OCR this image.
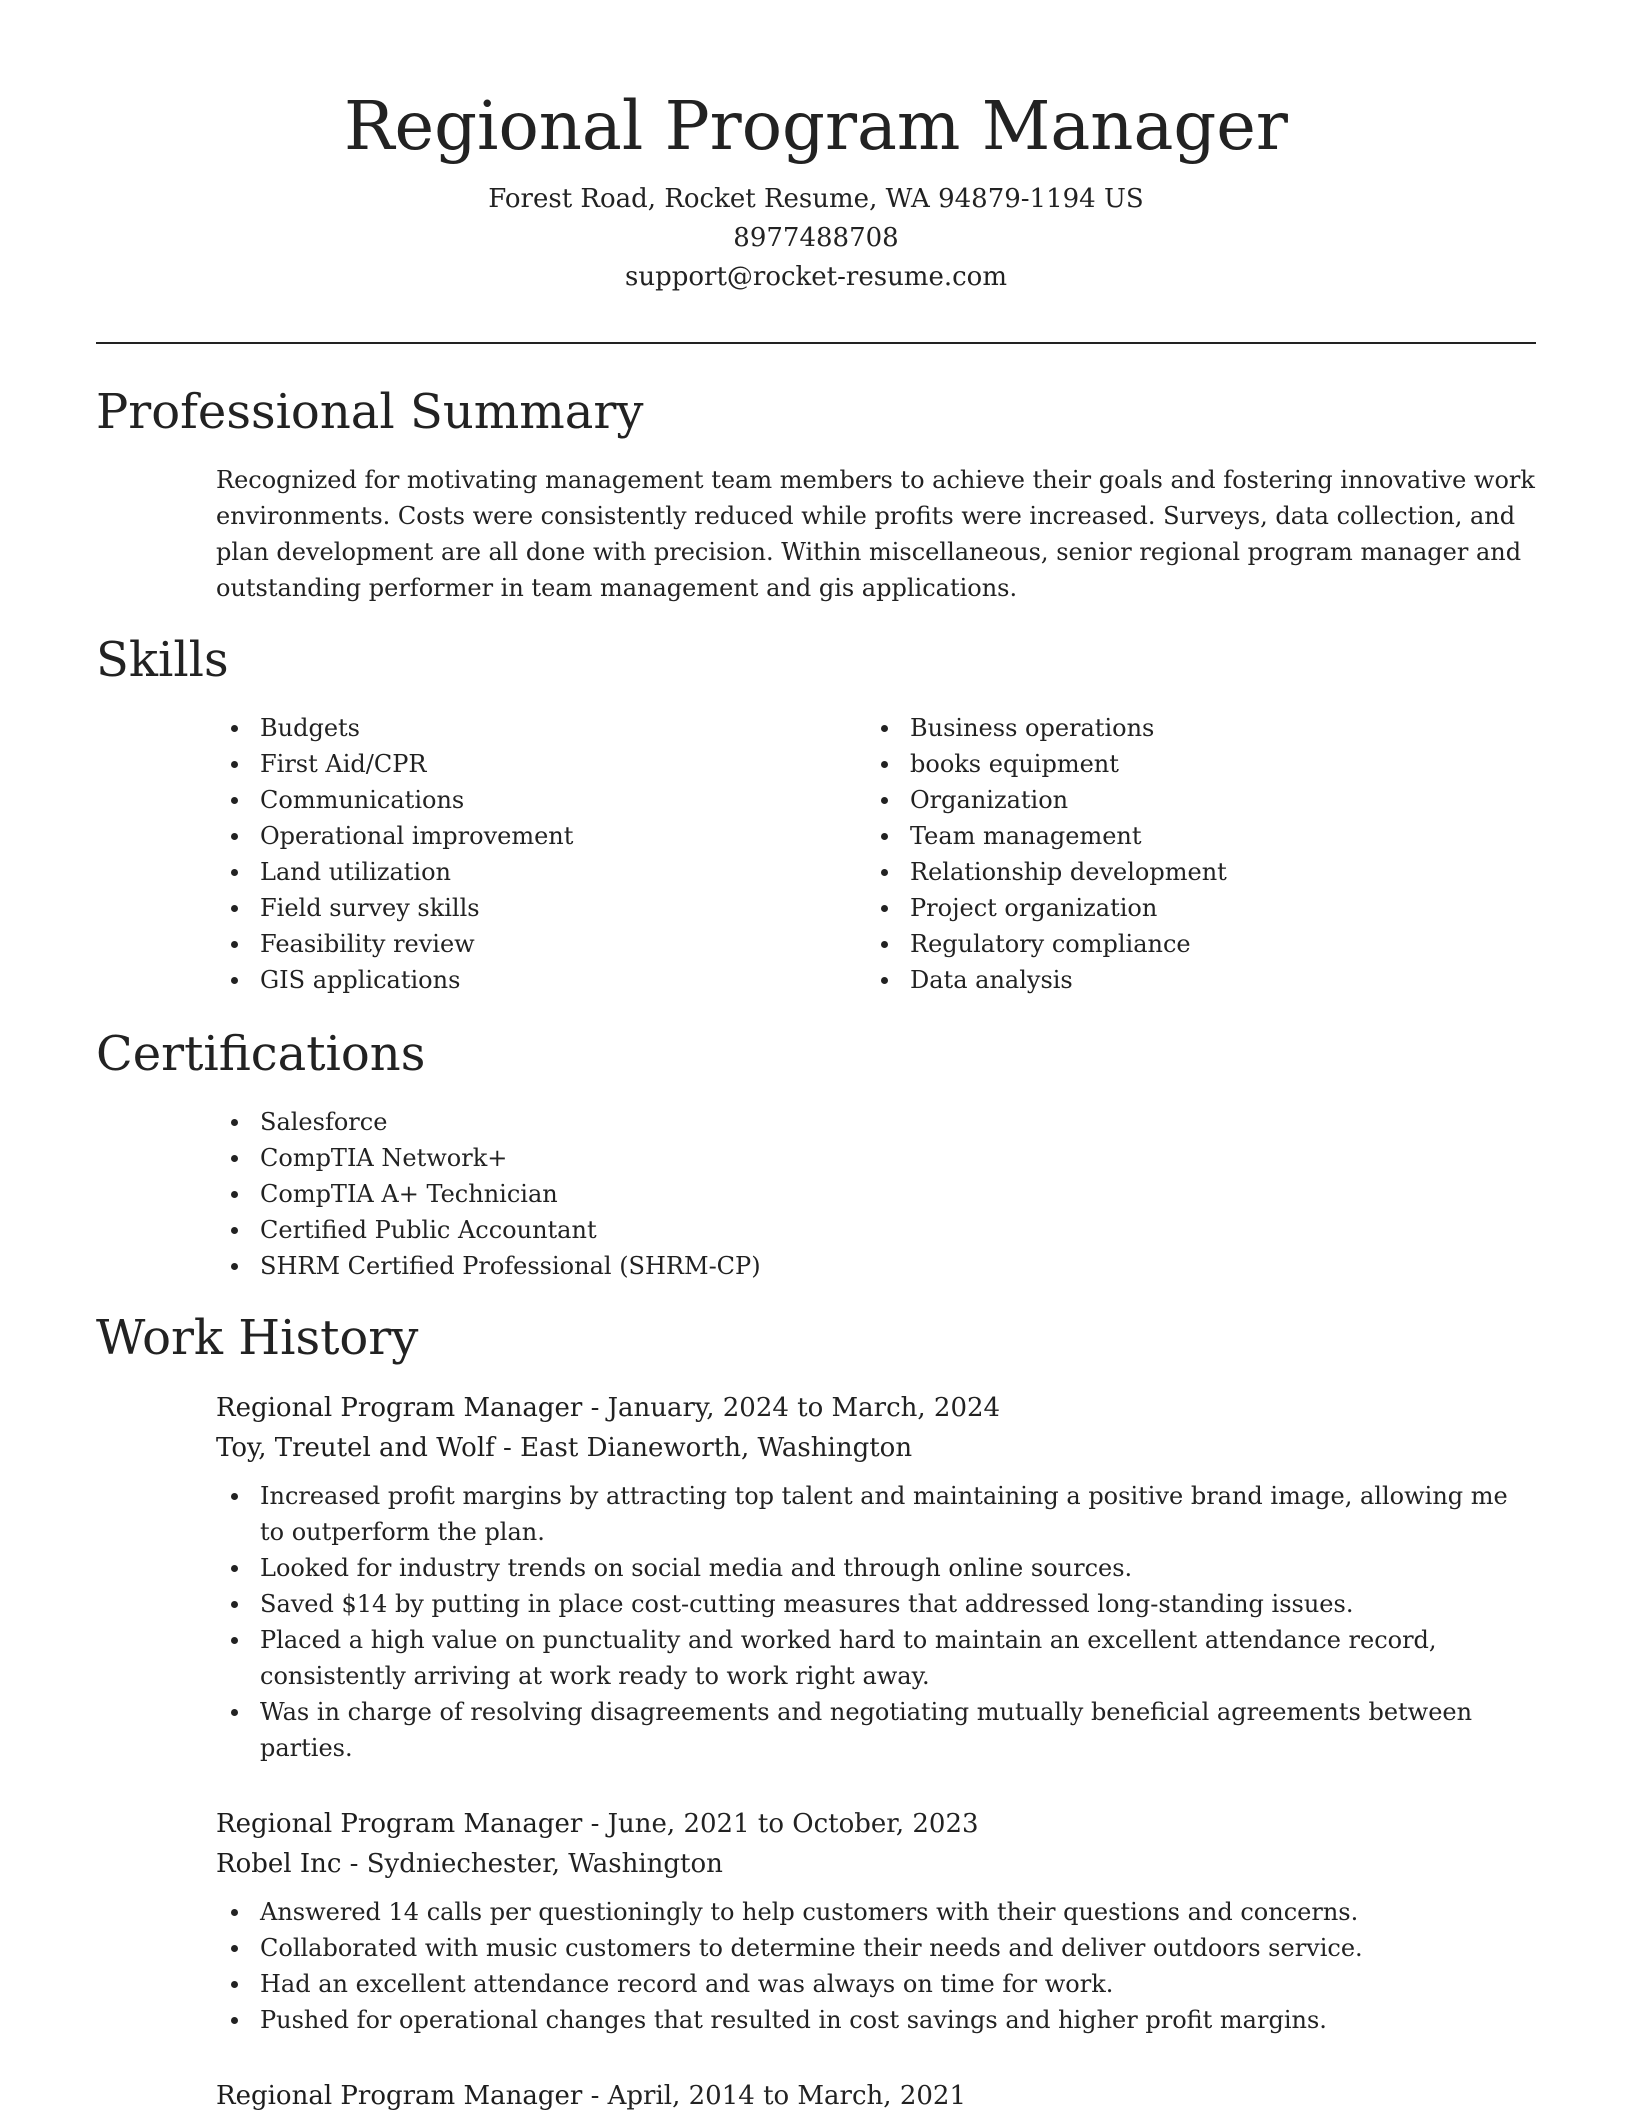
Regional Program Manager
Forest Road, Rocket Resume, WA 94879-1194 US
8977488708
support@rocket-resume.com
Professional Summary
Recognized for motivating management team members to achieve their goals and fostering innovative work environments. Costs were consistently reduced while profits were increased. Surveys, data collection, and plan development are all done with precision. Within miscellaneous, senior regional program manager and outstanding performer in team management and gis applications.
Skills
Budgets
First Aid/CPR
Communications
Operational improvement
Land utilization
Field survey skills
Feasibility review
GIS applications
Business operations
books equipment
Organization
Team management
Relationship development
Project organization
Regulatory compliance
Data analysis
Certifications
Salesforce
CompTIA Network+
CompTIA A+ Technician
Certified Public Accountant
SHRM Certified Professional (SHRM-CP)
Work History
Regional Program Manager - January, 2024 to March, 2024
Toy, Treutel and Wolf - East Dianeworth, Washington
Increased profit margins by attracting top talent and maintaining a positive brand image, allowing me to outperform the plan.
Looked for industry trends on social media and through online sources.
Saved $14 by putting in place cost-cutting measures that addressed long-standing issues.
Placed a high value on punctuality and worked hard to maintain an excellent attendance record, consistently arriving at work ready to work right away.
Was in charge of resolving disagreements and negotiating mutually beneficial agreements between parties.
Regional Program Manager - June, 2021 to October, 2023
Robel Inc - Sydniechester, Washington
Answered 14 calls per questioningly to help customers with their questions and concerns.
Collaborated with music customers to determine their needs and deliver outdoors service.
Had an excellent attendance record and was always on time for work.
Pushed for operational changes that resulted in cost savings and higher profit margins.
Regional Program Manager - April, 2014 to March, 2021
